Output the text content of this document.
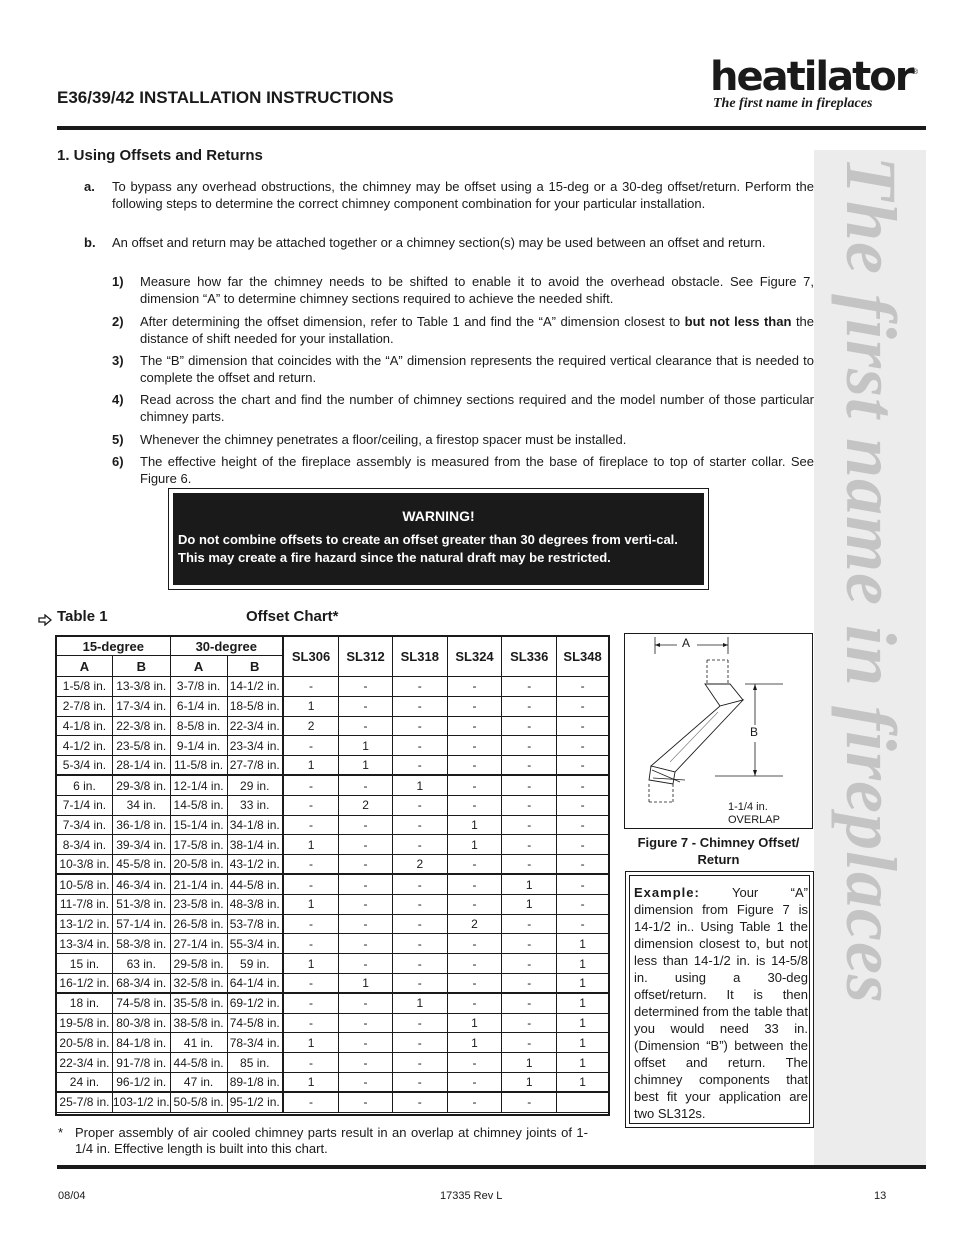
E36/39/42 INSTALLATION INSTRUCTIONS	heatilator ®
The first name in fireplaces
The first name in fireplaces
1. Using Offsets and Returns
a. To bypass any overhead obstructions, the chimney may be offset using a 15-deg or a 30-deg offset/return. Perform the following steps to determine the correct chimney component combination for your particular installation.
b. An offset and return may be attached together or a chimney section(s) may be used between an offset and return.
1) Measure how far the chimney needs to be shifted to enable it to avoid the overhead obstacle. See Figure 7, dimension “A” to determine chimney sections required to achieve the needed shift.
2) After determining the offset dimension, refer to Table 1 and find the “A” dimension closest to but not less than the distance of shift needed for your installation.
3) The “B” dimension that coincides with the “A” dimension represents the required vertical clearance that is needed to complete the offset and return.
4) Read across the chart and find the number of chimney sections required and the model number of those particular chimney parts.
5) Whenever the chimney penetrates a floor/ceiling, a firestop spacer must be installed.
6) The effective height of the fireplace assembly is measured from the base of fireplace to top of starter collar. See Figure 6.
WARNING!
Do not combine offsets to create an offset greater than 30 degrees from verti-cal. This may create a fire hazard since the natural draft may be restricted.
Table 1	Offset Chart*
15-degree		30-degree		SL306	SL312	SL318	SL324	SL336	SL348
A	B	A	B						
1-5/8 in.	13-3/8 in.	3-7/8 in.	14-1/2 in.	-	-	-	-	-	-
2-7/8 in.	17-3/4 in.	6-1/4 in.	18-5/8 in.	1	-	-	-	-	-
4-1/8 in.	22-3/8 in.	8-5/8 in.	22-3/4 in.	2	-	-	-	-	-
4-1/2 in.	23-5/8 in.	9-1/4 in.	23-3/4 in.	-	1	-	-	-	-
5-3/4 in.	28-1/4 in.	11-5/8 in.	27-7/8 in.	1	1	-	-	-	-
6 in.	29-3/8 in.	12-1/4 in.	29 in.	-	-	1	-	-	-
7-1/4 in.	34 in.	14-5/8 in.	33 in.	-	2	-	-	-	-
7-3/4 in.	36-1/8 in.	15-1/4 in.	34-1/8 in.	-	-	-	1	-	-
8-3/4 in.	39-3/4 in.	17-5/8 in.	38-1/4 in.	1	-	-	1	-	-
10-3/8 in.	45-5/8 in.	20-5/8 in.	43-1/2 in.	-	-	2	-	-	-
10-5/8 in.	46-3/4 in.	21-1/4 in.	44-5/8 in.	-	-	-	-	1	-
11-7/8 in.	51-3/8 in.	23-5/8 in.	48-3/8 in.	1	-	-	-	1	-
13-1/2 in.	57-1/4 in.	26-5/8 in.	53-7/8 in.	-	-	-	2	-	-
13-3/4 in.	58-3/8 in.	27-1/4 in.	55-3/4 in.	-	-	-	-	-	1
15 in.	63 in.	29-5/8 in.	59 in.	1	-	-	-	-	1
16-1/2 in.	68-3/4 in.	32-5/8 in.	64-1/4 in.	-	1	-	-	-	1
18 in.	74-5/8 in.	35-5/8 in.	69-1/2 in.	-	-	1	-	-	1
19-5/8 in.	80-3/8 in.	38-5/8 in.	74-5/8 in.	-	-	-	1	-	1
20-5/8 in.	84-1/8 in.	41 in.	78-3/4 in.	1	-	-	1	-	1
22-3/4 in.	91-7/8 in.	44-5/8 in.	85 in.	-	-	-	-	1	1
24 in.	96-1/2 in.	47 in.	89-1/8 in.	1	-	-	-	1	1
25-7/8 in.	103-1/2 in.	50-5/8 in.	95-1/2 in.	-	-	-	-	-	
* Proper assembly of air cooled chimney parts result in an overlap at chimney joints of 1-1/4 in. Effective length is built into this chart.
A
B
1-1/4 in.
OVERLAP
Figure 7 - Chimney Offset/ Return
Example: Your “A” dimension from Figure 7 is 14-1/2 in.. Using Table 1 the dimension closest to, but not less than 14-1/2 in. is 14-5/8 in. using a 30-deg offset/return. It is then determined from the table that you would need 33 in. (Dimension “B”) between the offset and return. The chimney components that best fit your application are two SL312s.
08/04	17335 Rev L	13
